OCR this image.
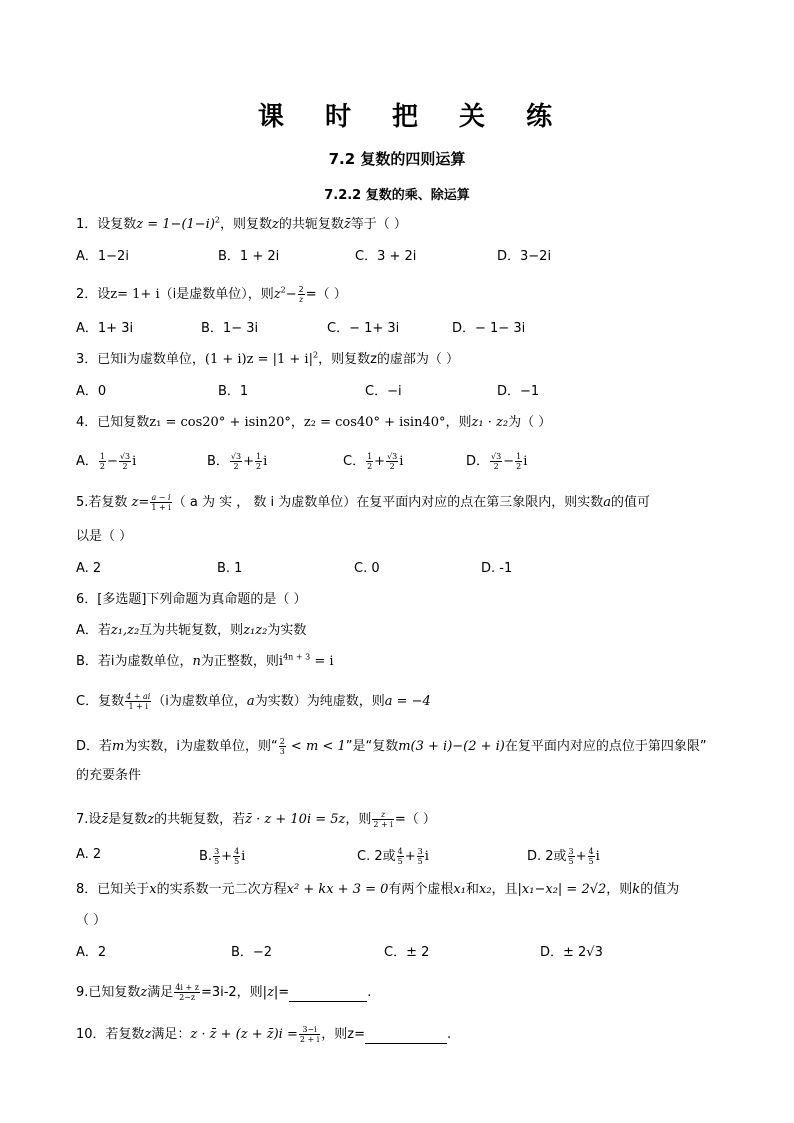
课 时 把 关 练
7.2 复数的四则运算
7.2.2 复数的乘、除运算
1．设复数$z = 1-(1-i)^2$，则复数z的共轭复数z̄等于（ ）
A．1−2i	B．1 + 2i	C．3 + 2i	D．3−2i
2．设z= 1+ i（i是虚数单位），则$z^2- \frac{2}{z}$ =（ ）
A．1+ 3i	B．1− 3i	C．− 1+ 3i	D．− 1− 3i
3．已知i为虚数单位，$(1 + i)z = |1 + i|^2$，则复数z的虚部为（ ）
A．0	B．1	C．−i	D．−1
4．已知复数z₁ = cos20° + isin20°，z₂ = cos40° + isin40°，则z₁ · z₂为（ ）
A． $\frac{1}{2} - \frac{√3}{2}$ i	B． $\frac{√3}{2} + \frac{1}{2}$ i	C． $\frac{1}{2} + \frac{√3}{2}$ i	D． $\frac{√3}{2} - \frac{1}{2}$ i
5.若复数 $z= \frac{a - i}{1 + i}$ （ a 为 实 ， 数 i 为虚数单位）在复平面内对应的点在第三象限内，则实数a的值可
以是（ ）
A. 2	B. 1	C. 0	D. -1
6．[多选题]下列命题为真命题的是（ ）
A．若z₁,z₂互为共轭复数，则z₁z₂为实数
B．若i为虚数单位，n为正整数，则$i^{4n + 3} = i$
C．复数 $\frac{4 + ai}{1 + i} (i$为虚数单位，a为实数）为纯虚数，则a = −4
D．若m为实数，i为虚数单位，则“ $\frac{2}{3} < m < 1$”是“复数m(3 + i)−(2 + i)在复平面内对应的点位于第四象限”
的充要条件
7.设z̄是复数z的共轭复数，若z̄ · z + 10i = 5z，则 $\frac{z}{2 + i}$ =（ ）
A. 2	B. $\frac{3}{5} + \frac{4}{5}$ i	C. 2或 $\frac{4}{5} + \frac{3}{5}$ i	D. 2或 $\frac{3}{5} + \frac{4}{5}$ i
8．已知关于x的实系数一元二次方程x² + kx + 3 = 0有两个虚根x₁和x₂，且|x₁−x₂| = 2√2，则k的值为
（ ）
A．2	B．−2	C．± 2	D．± 2√3
9.已知复数z满足 $\frac{4i + z}{2-z} =3i-2$，则|z|=	.
10．若复数z满足：z · z̄ + (z + z̄)i = $\frac{3-i}{2 + i}$ ，则z=	.
